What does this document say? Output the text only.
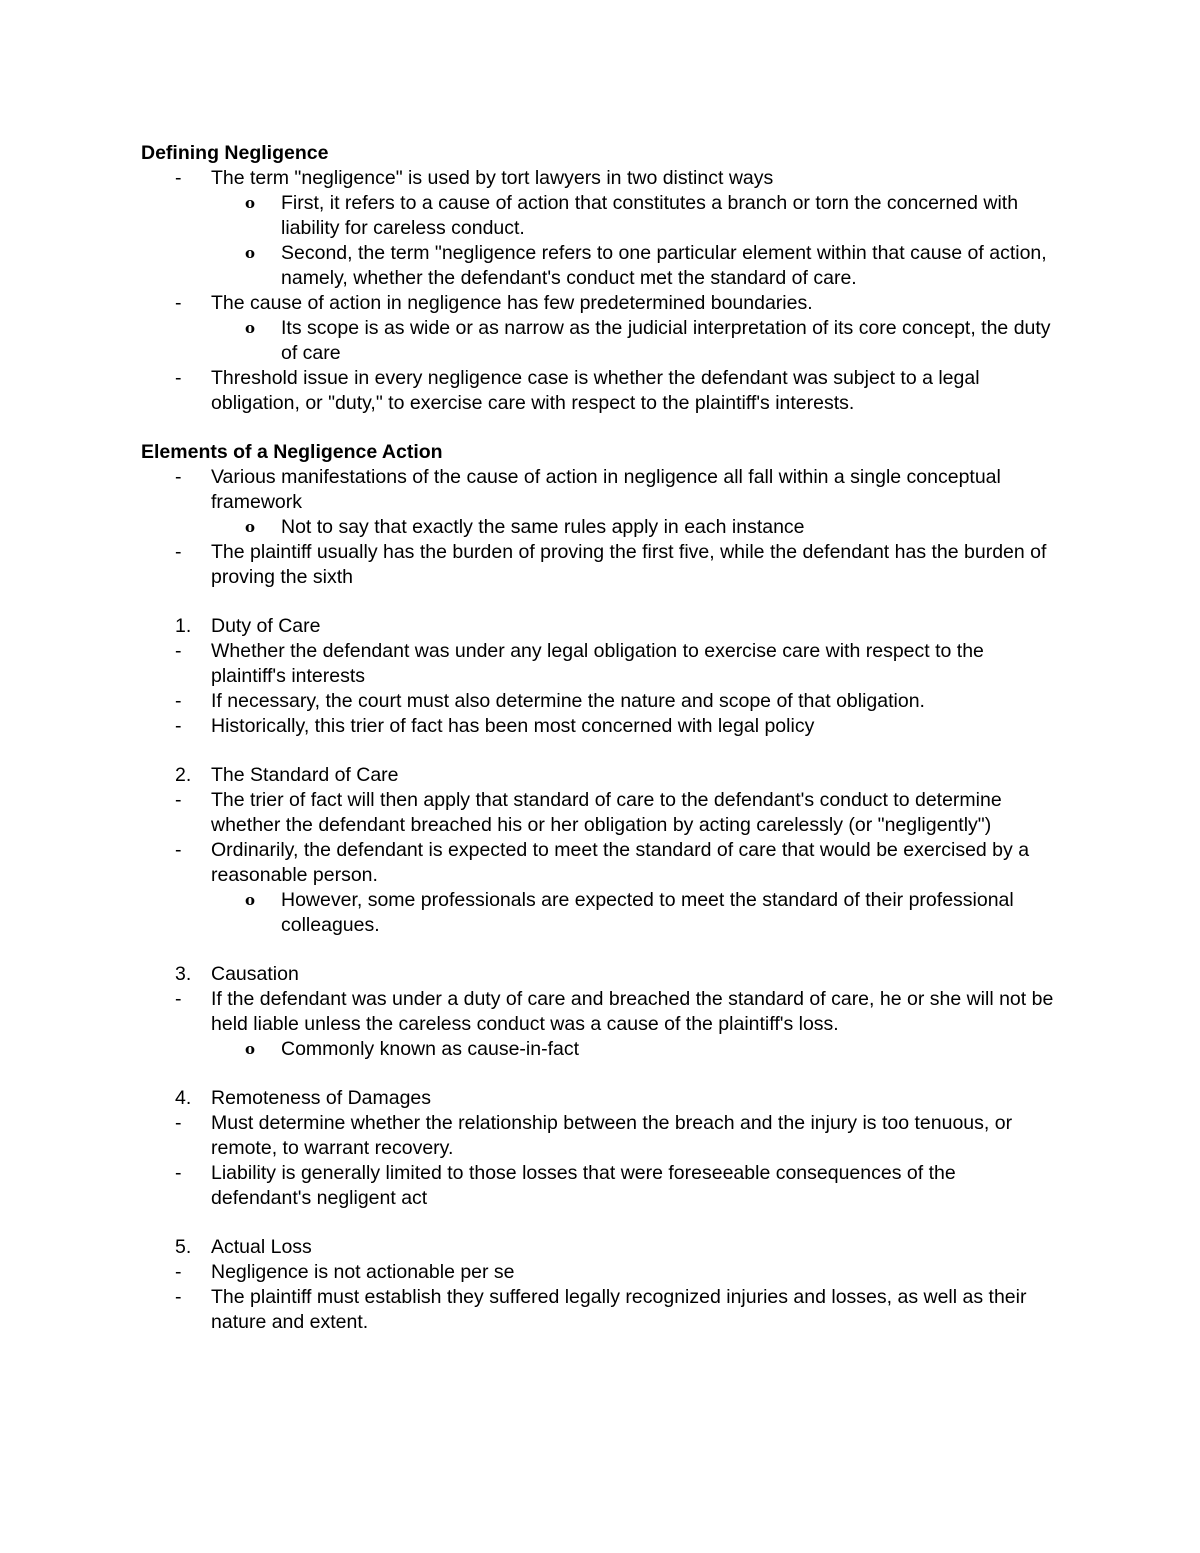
Defining Negligence
-	The term "negligence" is used by tort lawyers in two distinct ways
o	First, it refers to a cause of action that constitutes a branch or torn the concerned with liability for careless conduct.
o	Second, the term "negligence refers to one particular element within that cause of action, namely, whether the defendant's conduct met the standard of care.
-	The cause of action in negligence has few predetermined boundaries.
o	Its scope is as wide or as narrow as the judicial interpretation of its core concept, the duty of care
-	Threshold issue in every negligence case is whether the defendant was subject to a legal obligation, or "duty," to exercise care with respect to the plaintiff's interests.
Elements of a Negligence Action
-	Various manifestations of the cause of action in negligence all fall within a single conceptual framework
o	Not to say that exactly the same rules apply in each instance
-	The plaintiff usually has the burden of proving the first five, while the defendant has the burden of proving the sixth
1.	Duty of Care
-	Whether the defendant was under any legal obligation to exercise care with respect to the plaintiff's interests
-	If necessary, the court must also determine the nature and scope of that obligation.
-	Historically, this trier of fact has been most concerned with legal policy
2.	The Standard of Care
-	The trier of fact will then apply that standard of care to the defendant's conduct to determine whether the defendant breached his or her obligation by acting carelessly (or "negligently")
-	Ordinarily, the defendant is expected to meet the standard of care that would be exercised by a reasonable person.
o	However, some professionals are expected to meet the standard of their professional colleagues.
3.	Causation
-	If the defendant was under a duty of care and breached the standard of care, he or she will not be held liable unless the careless conduct was a cause of the plaintiff's loss.
o	Commonly known as cause-in-fact
4.	Remoteness of Damages
-	Must determine whether the relationship between the breach and the injury is too tenuous, or remote, to warrant recovery.
-	Liability is generally limited to those losses that were foreseeable consequences of the defendant's negligent act
5.	Actual Loss
-	Negligence is not actionable per se
-	The plaintiff must establish they suffered legally recognized injuries and losses, as well as their nature and extent.
